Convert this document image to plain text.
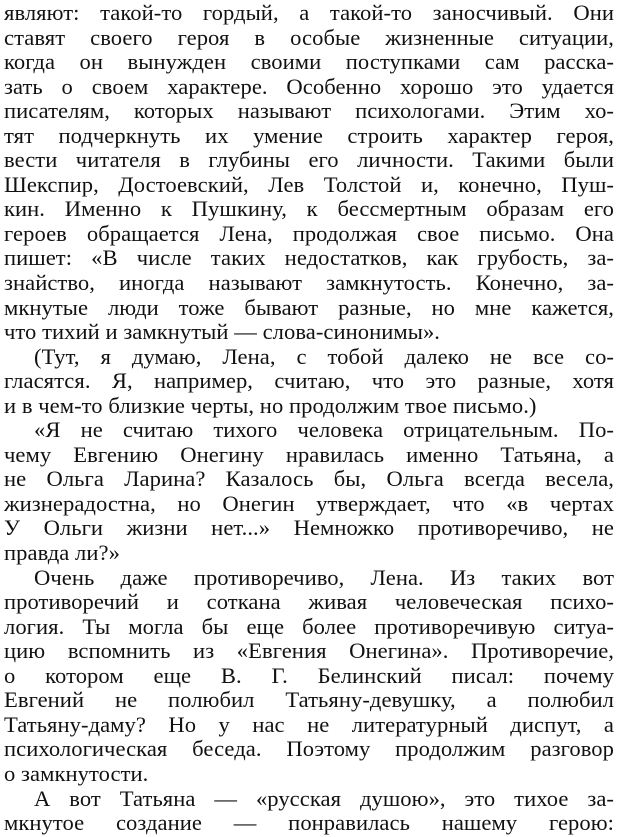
являют: такой-то гордый, а такой-то заносчивый. Они
ставят своего героя в особые жизненные ситуации,
когда он вынужден своими поступками сам расска-
зать о своем характере. Особенно хорошо это удается
писателям, которых называют психологами. Этим хо-
тят подчеркнуть их умение строить характер героя,
вести читателя в глубины его личности. Такими были
Шекспир, Достоевский, Лев Толстой и, конечно, Пуш-
кин. Именно к Пушкину, к бессмертным образам его
героев обращается Лена, продолжая свое письмо. Она
пишет: «В числе таких недостатков, как грубость, за-
знайство, иногда называют замкнутость. Конечно, за-
мкнутые люди тоже бывают разные, но мне кажется,
что тихий и замкнутый — слова-синонимы».
(Тут, я думаю, Лена, с тобой далеко не все со-
гласятся. Я, например, считаю, что это разные, хотя
и в чем-то близкие черты, но продолжим твое письмо.)
«Я не считаю тихого человека отрицательным. По-
чему Евгению Онегину нравилась именно Татьяна, а
не Ольга Ларина? Казалось бы, Ольга всегда весела,
жизнерадостна, но Онегин утверждает, что «в чертах
У Ольги жизни нет...» Немножко противоречиво, не
правда ли?»
Очень даже противоречиво, Лена. Из таких вот
противоречий и соткана живая человеческая психо-
логия. Ты могла бы еще более противоречивую ситуа-
цию вспомнить из «Евгения Онегина». Противоречие,
о котором еще В. Г. Белинский писал: почему
Евгений не полюбил Татьяну-девушку, а полюбил
Татьяну-даму? Но у нас не литературный диспут, а
психологическая беседа. Поэтому продолжим разговор
о замкнутости.
А вот Татьяна — «русская душою», это тихое за-
мкнутое создание — понравилась нашему герою:
